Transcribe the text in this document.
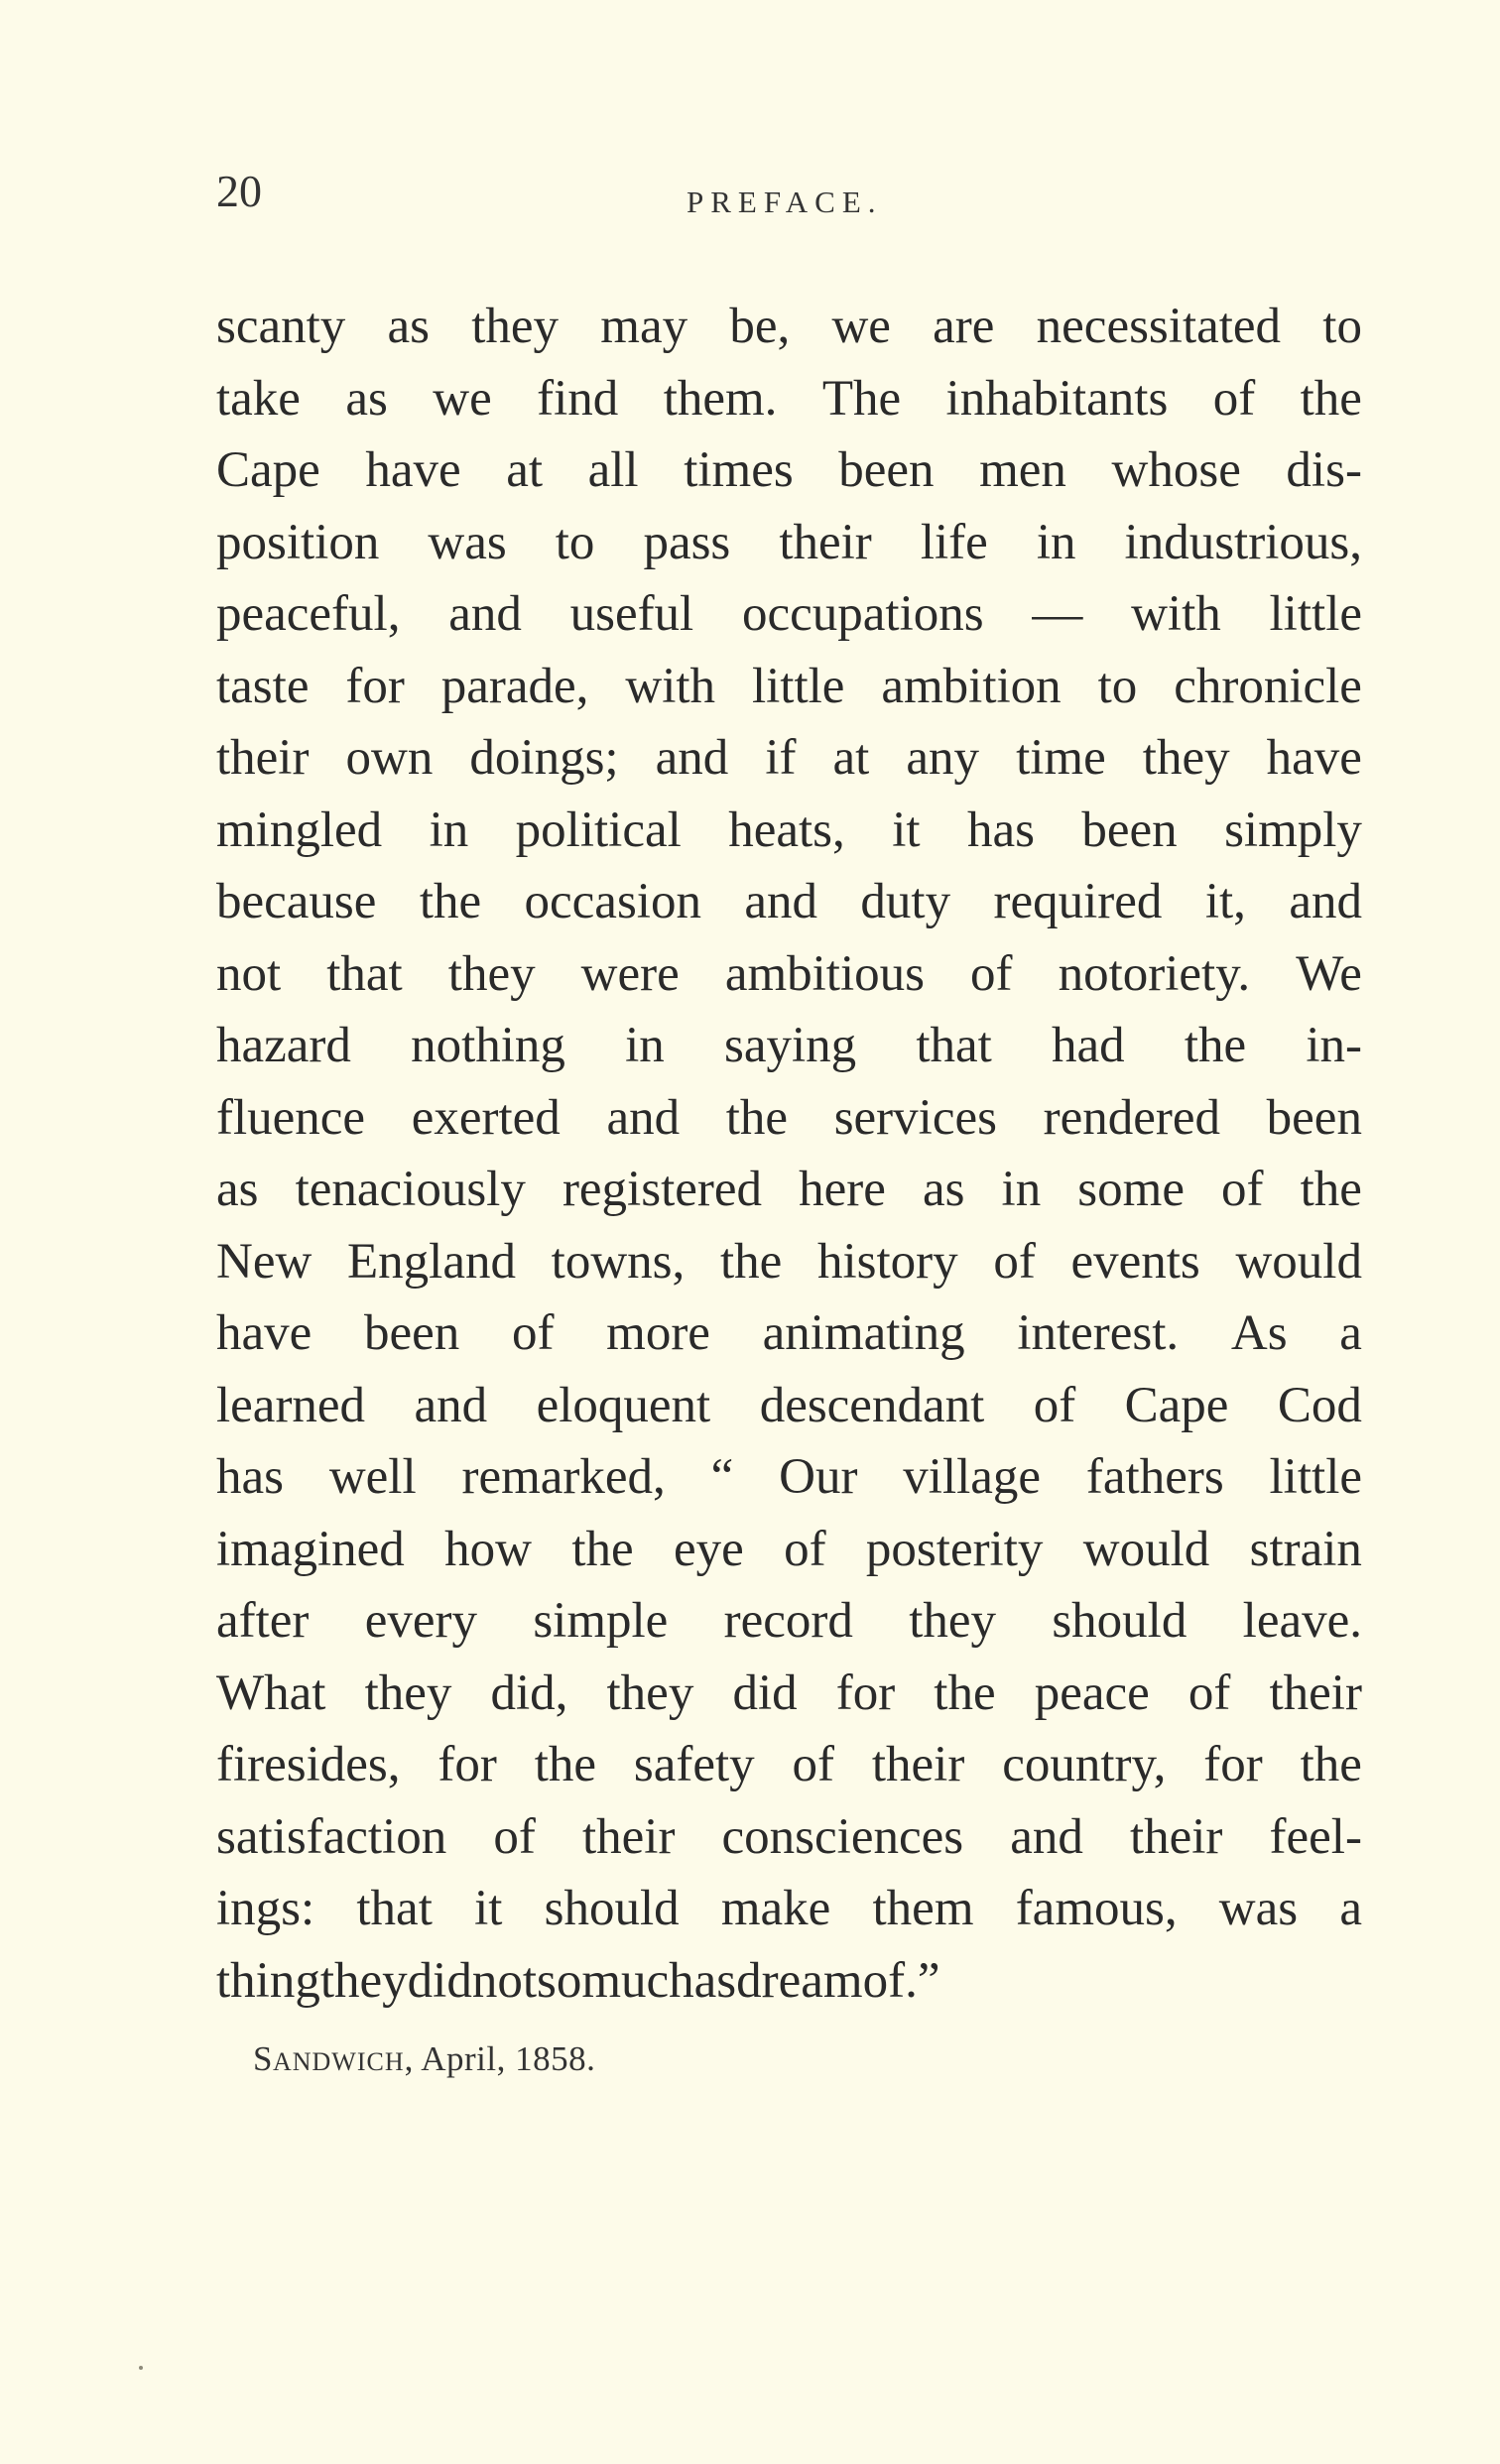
20	PREFACE.
scanty as they may be, we are necessitated to
take as we find them. The inhabitants of the
Cape have at all times been men whose dis-
position was to pass their life in industrious,
peaceful, and useful occupations — with little
taste for parade, with little ambition to chronicle
their own doings; and if at any time they have
mingled in political heats, it has been simply
because the occasion and duty required it, and
not that they were ambitious of notoriety. We
hazard nothing in saying that had the in-
fluence exerted and the services rendered been
as tenaciously registered here as in some of the
New England towns, the history of events would
have been of more animating interest. As a
learned and eloquent descendant of Cape Cod
has well remarked, “ Our village fathers little
imagined how the eye of posterity would strain
after every simple record they should leave.
What they did, they did for the peace of their
firesides, for the safety of their country, for the
satisfaction of their consciences and their feel-
ings: that it should make them famous, was a
thing they did not so much as dream of.”
SANDWICH, April, 1858.
